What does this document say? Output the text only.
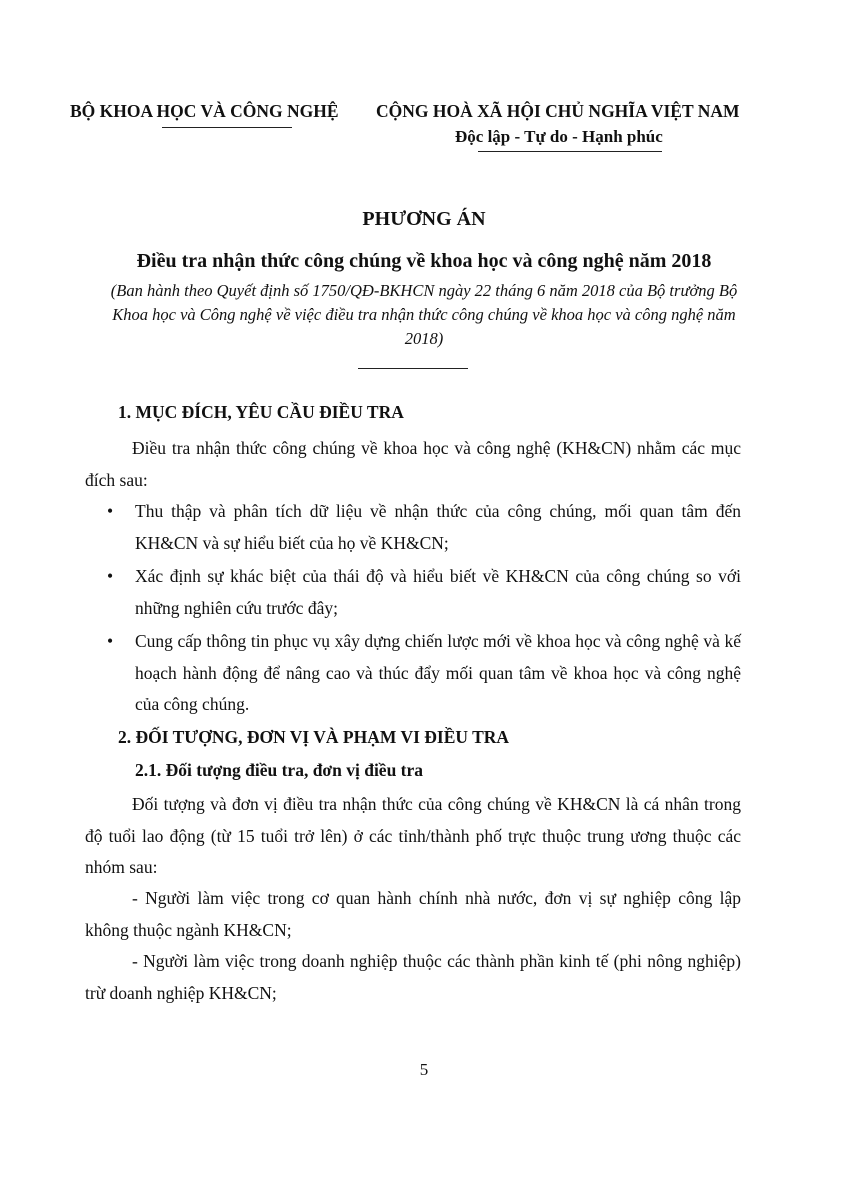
BỘ KHOA HỌC VÀ CÔNG NGHỆ CỘNG HOÀ XÃ HỘI CHỦ NGHĨA VIỆT NAM
Độc lập - Tự do - Hạnh phúc
PHƯƠNG ÁN
Điều tra nhận thức công chúng về khoa học và công nghệ năm 2018
(Ban hành theo Quyết định số 1750/QĐ-BKHCN ngày 22 tháng 6 năm 2018 của Bộ trưởng Bộ Khoa học và Công nghệ về việc điều tra nhận thức công chúng về khoa học và công nghệ năm 2018)
1. MỤC ĐÍCH, YÊU CẦU ĐIỀU TRA
Điều tra nhận thức công chúng về khoa học và công nghệ (KH&CN) nhằm các mục đích sau:
• Thu thập và phân tích dữ liệu về nhận thức của công chúng, mối quan tâm đến KH&CN và sự hiểu biết của họ về KH&CN;
• Xác định sự khác biệt của thái độ và hiểu biết về KH&CN của công chúng so với những nghiên cứu trước đây;
• Cung cấp thông tin phục vụ xây dựng chiến lược mới về khoa học và công nghệ và kế hoạch hành động để nâng cao và thúc đẩy mối quan tâm về khoa học và công nghệ của công chúng.
2. ĐỐI TƯỢNG, ĐƠN VỊ VÀ PHẠM VI ĐIỀU TRA
2.1. Đối tượng điều tra, đơn vị điều tra
Đối tượng và đơn vị điều tra nhận thức của công chúng về KH&CN là cá nhân trong độ tuổi lao động (từ 15 tuổi trở lên) ở các tỉnh/thành phố trực thuộc trung ương thuộc các nhóm sau:
- Người làm việc trong cơ quan hành chính nhà nước, đơn vị sự nghiệp công lập không thuộc ngành KH&CN;
- Người làm việc trong doanh nghiệp thuộc các thành phần kinh tế (phi nông nghiệp) trừ doanh nghiệp KH&CN;
5
